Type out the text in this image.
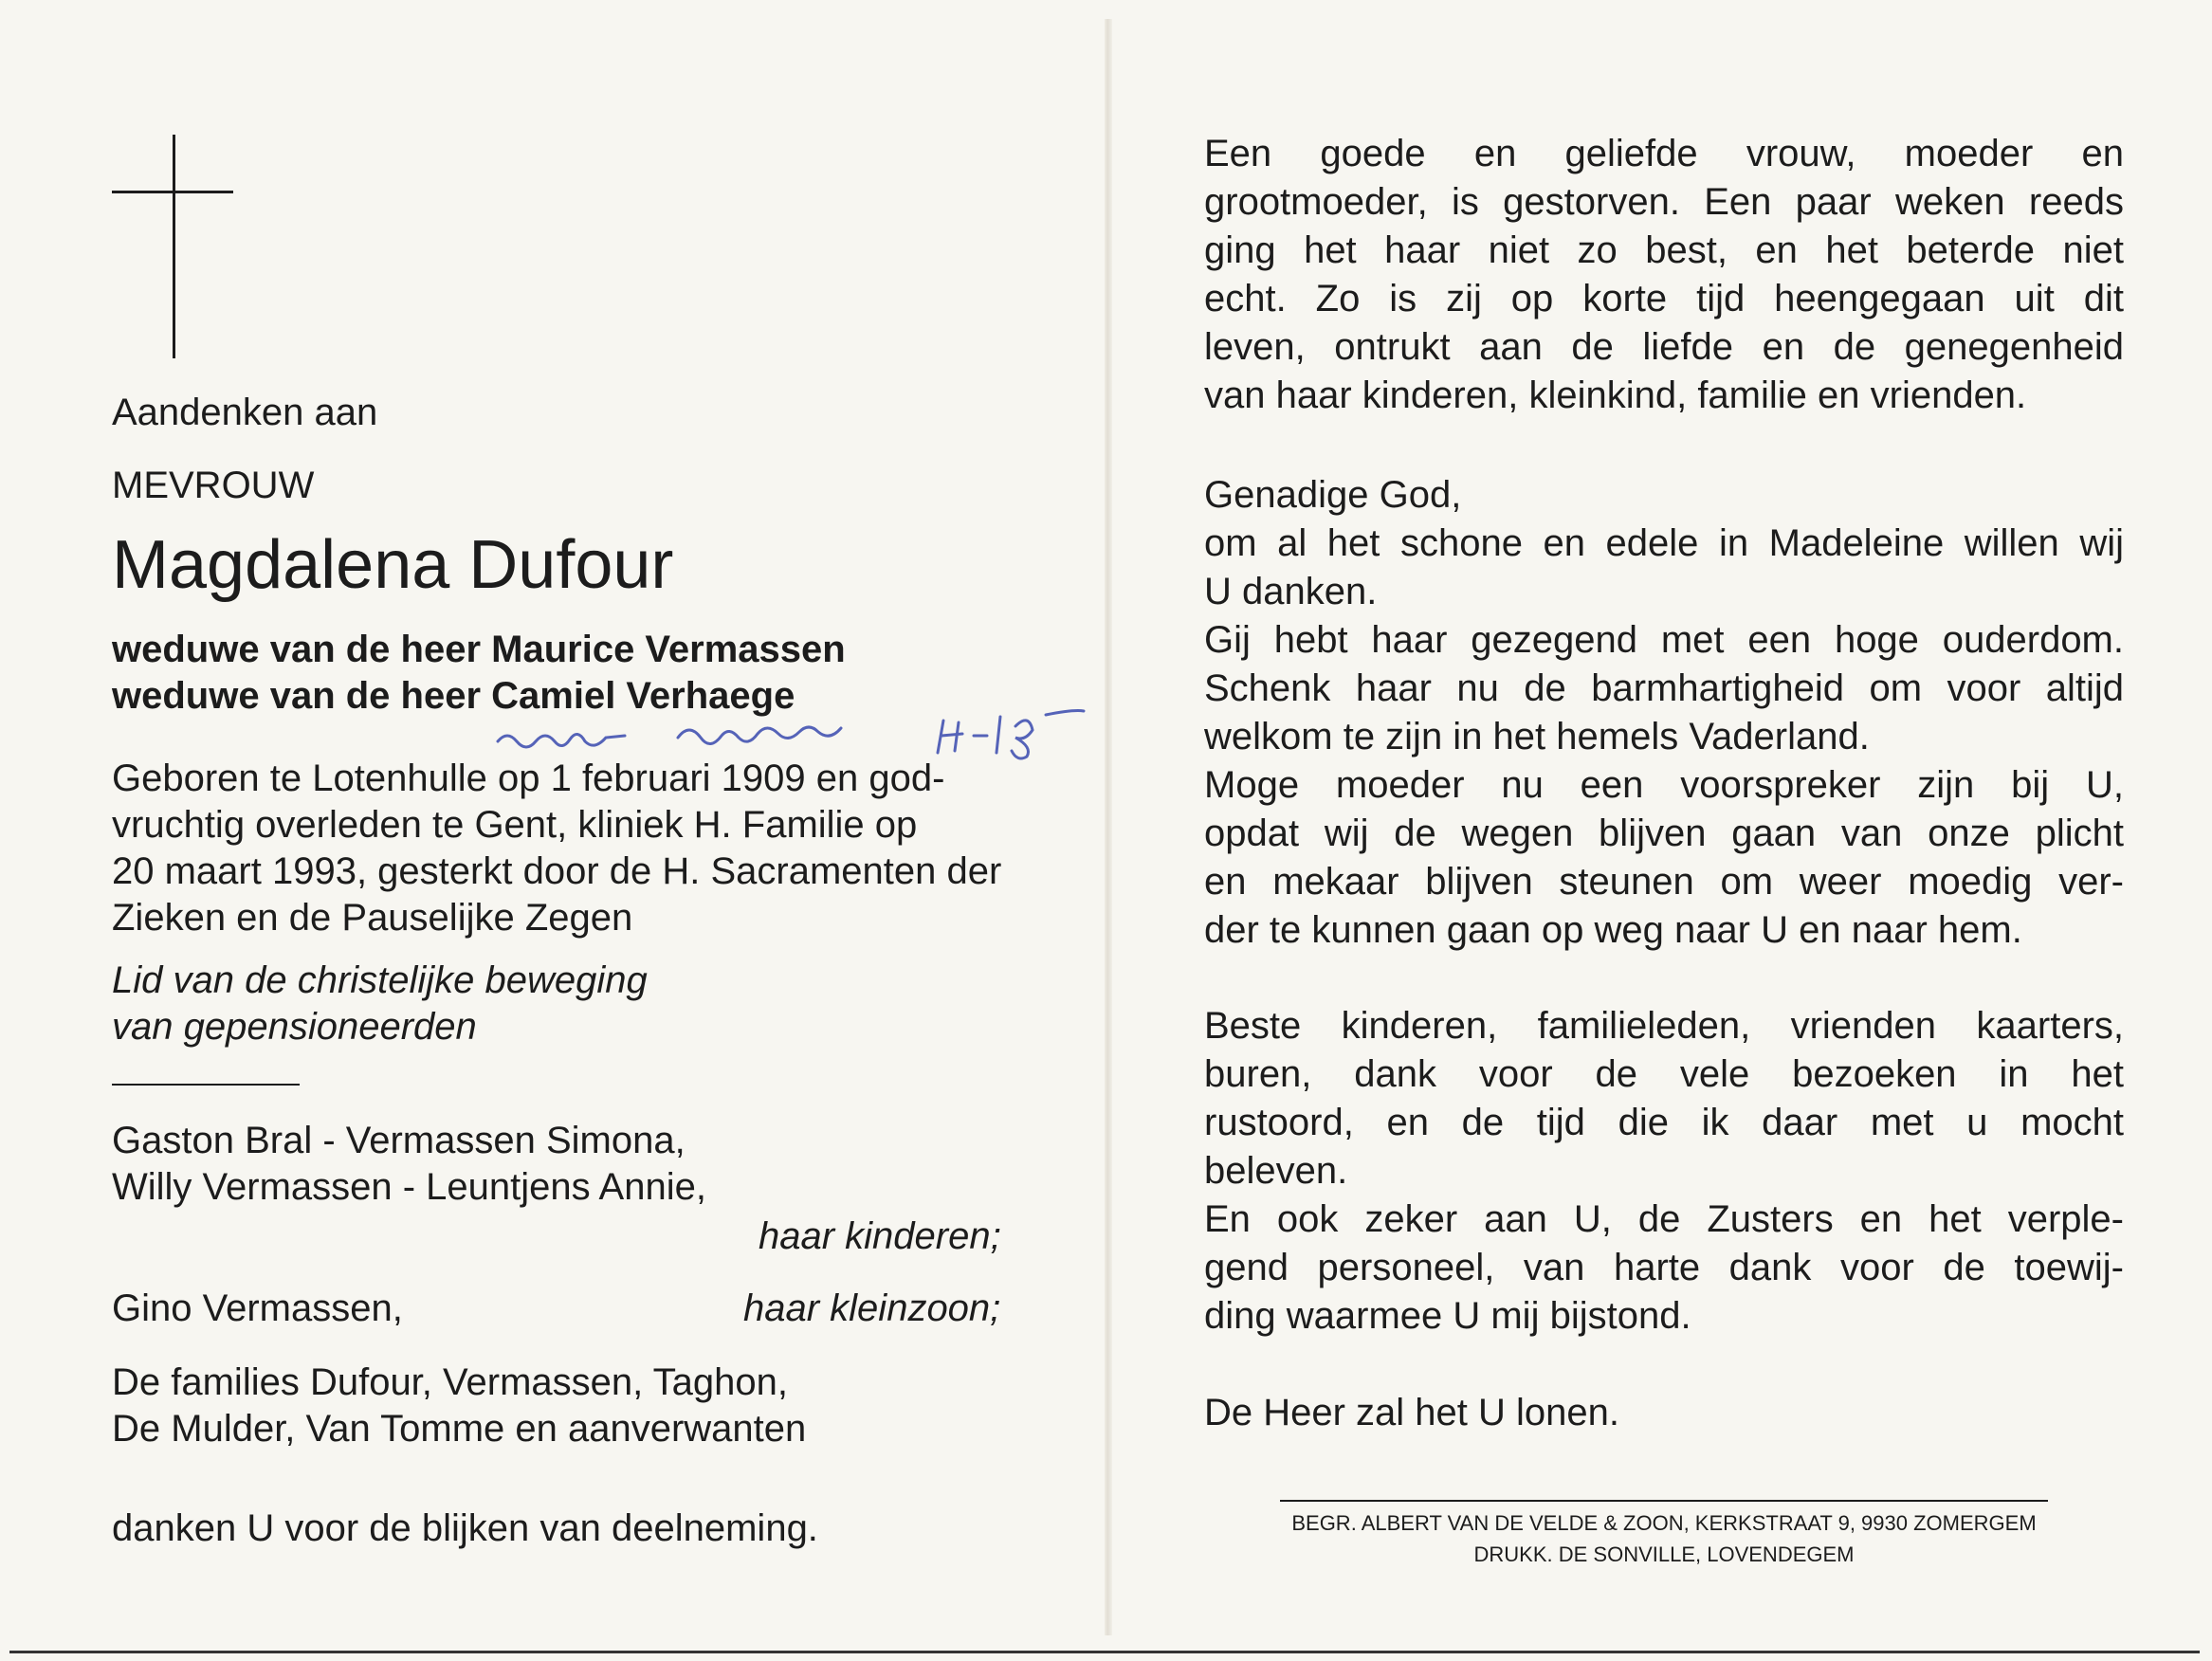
Aandenken aan
MEVROUW
Magdalena Dufour
weduwe van de heer Maurice Vermassen
weduwe van de heer Camiel Verhaege
Geboren te Lotenhulle op 1 februari 1909 en god-
vruchtig overleden te Gent, kliniek H. Familie op
20 maart 1993, gesterkt door de H. Sacramenten der
Zieken en de Pauselijke Zegen
Lid van de christelijke beweging
van gepensioneerden
Gaston Bral - Vermassen Simona,
Willy Vermassen - Leuntjens Annie,
haar kinderen;
Gino Vermassen,	haar kleinzoon;
De families Dufour, Vermassen, Taghon,
De Mulder, Van Tomme en aanverwanten
danken U voor de blijken van deelneming.
Een goede en geliefde vrouw, moeder en
grootmoeder, is gestorven. Een paar weken reeds
ging het haar niet zo best, en het beterde niet
echt. Zo is zij op korte tijd heengegaan uit dit
leven, ontrukt aan de liefde en de genegenheid
van haar kinderen, kleinkind, familie en vrienden.
Genadige God,
om al het schone en edele in Madeleine willen wij
U danken.
Gij hebt haar gezegend met een hoge ouderdom.
Schenk haar nu de barmhartigheid om voor altijd
welkom te zijn in het hemels Vaderland.
Moge moeder nu een voorspreker zijn bij U,
opdat wij de wegen blijven gaan van onze plicht
en mekaar blijven steunen om weer moedig ver-
der te kunnen gaan op weg naar U en naar hem.
Beste kinderen, familieleden, vrienden kaarters,
buren, dank voor de vele bezoeken in het
rustoord, en de tijd die ik daar met u mocht
beleven.
En ook zeker aan U, de Zusters en het verple-
gend personeel, van harte dank voor de toewij-
ding waarmee U mij bijstond.
De Heer zal het U lonen.
BEGR. ALBERT VAN DE VELDE & ZOON, KERKSTRAAT 9, 9930 ZOMERGEM
DRUKK. DE SONVILLE, LOVENDEGEM
